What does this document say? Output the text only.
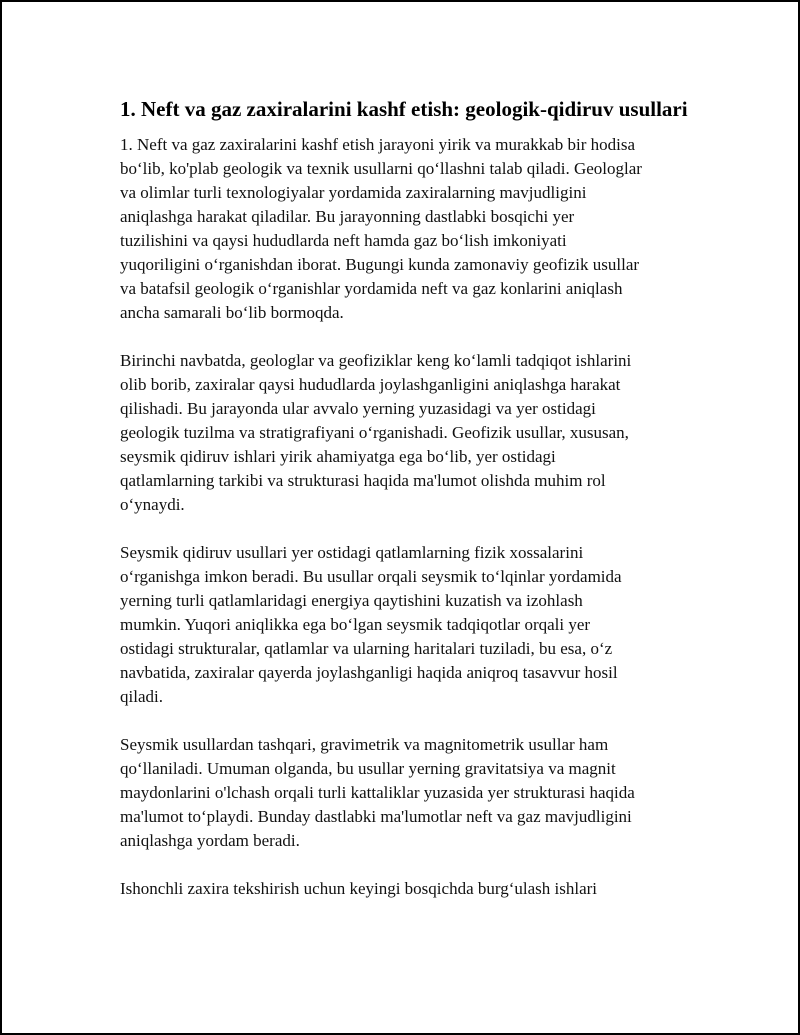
1. Neft va gaz zaxiralarini kashf etish: geologik-qidiruv usullari

1. Neft va gaz zaxiralarini kashf etish jarayoni yirik va murakkab bir hodisa
bo‘lib, ko'plab geologik va texnik usullarni qo‘llashni talab qiladi. Geologlar
va olimlar turli texnologiyalar yordamida zaxiralarning mavjudligini
aniqlashga harakat qiladilar. Bu jarayonning dastlabki bosqichi yer
tuzilishini va qaysi hududlarda neft hamda gaz bo‘lish imkoniyati
yuqoriligini o‘rganishdan iborat. Bugungi kunda zamonaviy geofizik usullar
va batafsil geologik o‘rganishlar yordamida neft va gaz konlarini aniqlash
ancha samarali bo‘lib bormoqda.

Birinchi navbatda, geologlar va geofiziklar keng ko‘lamli tadqiqot ishlarini
olib borib, zaxiralar qaysi hududlarda joylashganligini aniqlashga harakat
qilishadi. Bu jarayonda ular avvalo yerning yuzasidagi va yer ostidagi
geologik tuzilma va stratigrafiyani o‘rganishadi. Geofizik usullar, xususan,
seysmik qidiruv ishlari yirik ahamiyatga ega bo‘lib, yer ostidagi
qatlamlarning tarkibi va strukturasi haqida ma'lumot olishda muhim rol
o‘ynaydi.

Seysmik qidiruv usullari yer ostidagi qatlamlarning fizik xossalarini
o‘rganishga imkon beradi. Bu usullar orqali seysmik to‘lqinlar yordamida
yerning turli qatlamlaridagi energiya qaytishini kuzatish va izohlash
mumkin. Yuqori aniqlikka ega bo‘lgan seysmik tadqiqotlar orqali yer
ostidagi strukturalar, qatlamlar va ularning haritalari tuziladi, bu esa, o‘z
navbatida, zaxiralar qayerda joylashganligi haqida aniqroq tasavvur hosil
qiladi.

Seysmik usullardan tashqari, gravimetrik va magnitometrik usullar ham
qo‘llaniladi. Umuman olganda, bu usullar yerning gravitatsiya va magnit
maydonlarini o'lchash orqali turli kattaliklar yuzasida yer strukturasi haqida
ma'lumot to‘playdi. Bunday dastlabki ma'lumotlar neft va gaz mavjudligini
aniqlashga yordam beradi.

Ishonchli zaxira tekshirish uchun keyingi bosqichda burg‘ulash ishlari
